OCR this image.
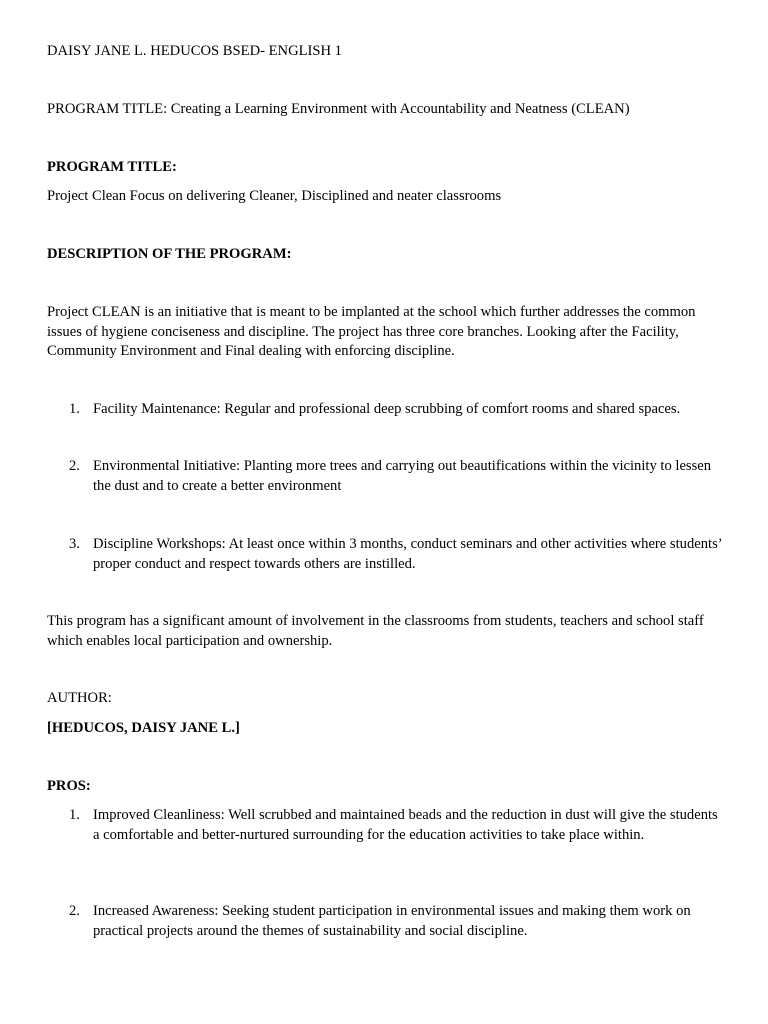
DAISY JANE L. HEDUCOS BSED- ENGLISH 1

PROGRAM TITLE: Creating a Learning Environment with Accountability and Neatness (CLEAN)

PROGRAM TITLE:

Project Clean Focus on delivering Cleaner, Disciplined and neater classrooms

DESCRIPTION OF THE PROGRAM:

Project CLEAN is an initiative that is meant to be implanted at the school which further addresses the common issues of hygiene conciseness and discipline. The project has three core branches. Looking after the Facility, Community Environment and Final dealing with enforcing discipline.

1. Facility Maintenance: Regular and professional deep scrubbing of comfort rooms and shared spaces.
2. Environmental Initiative: Planting more trees and carrying out beautifications within the vicinity to lessen the dust and to create a better environment
3. Discipline Workshops: At least once within 3 months, conduct seminars and other activities where students’ proper conduct and respect towards others are instilled.

This program has a significant amount of involvement in the classrooms from students, teachers and school staff which enables local participation and ownership.

AUTHOR:

[HEDUCOS, DAISY JANE L.]

PROS:

1. Improved Cleanliness: Well scrubbed and maintained beads and the reduction in dust will give the students a comfortable and better-nurtured surrounding for the education activities to take place within.
2. Increased Awareness: Seeking student participation in environmental issues and making them work on practical projects around the themes of sustainability and social discipline.
